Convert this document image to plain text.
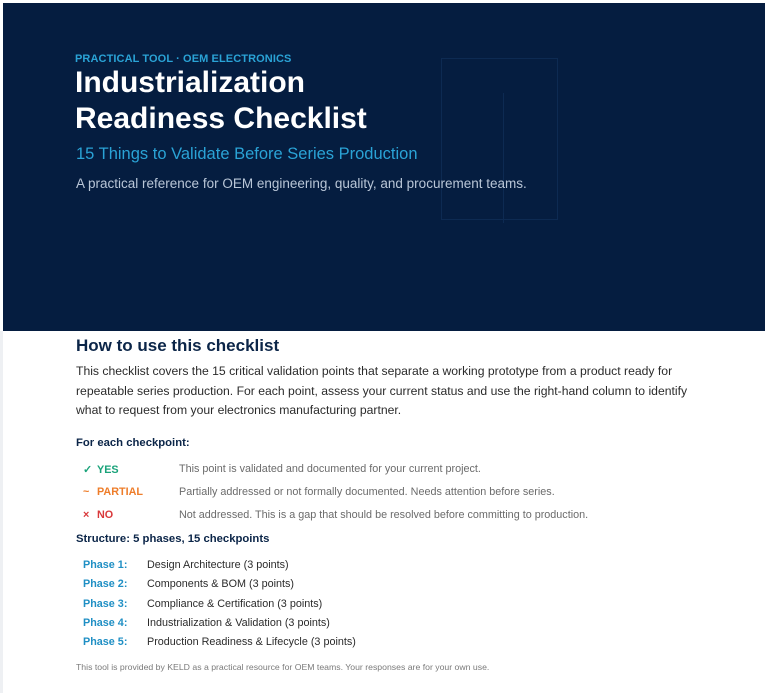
PRACTICAL TOOL · OEM ELECTRONICS
Industrialization
Readiness Checklist
15 Things to Validate Before Series Production
A practical reference for OEM engineering, quality, and procurement teams.
How to use this checklist

This checklist covers the 15 critical validation points that separate a working prototype from a product ready for repeatable series production. For each point, assess your current status and use the right-hand column to identify what to request from your electronics manufacturing partner.

For each checkpoint:
✓ YES	This point is validated and documented for your current project.
~ PARTIAL	Partially addressed or not formally documented. Needs attention before series.
× NO	Not addressed. This is a gap that should be resolved before committing to production.
Structure: 5 phases, 15 checkpoints
Phase 1: Design Architecture (3 points)
Phase 2: Components & BOM (3 points)
Phase 3: Compliance & Certification (3 points)
Phase 4: Industrialization & Validation (3 points)
Phase 5: Production Readiness & Lifecycle (3 points)
This tool is provided by KELD as a practical resource for OEM teams. Your responses are for your own use.
